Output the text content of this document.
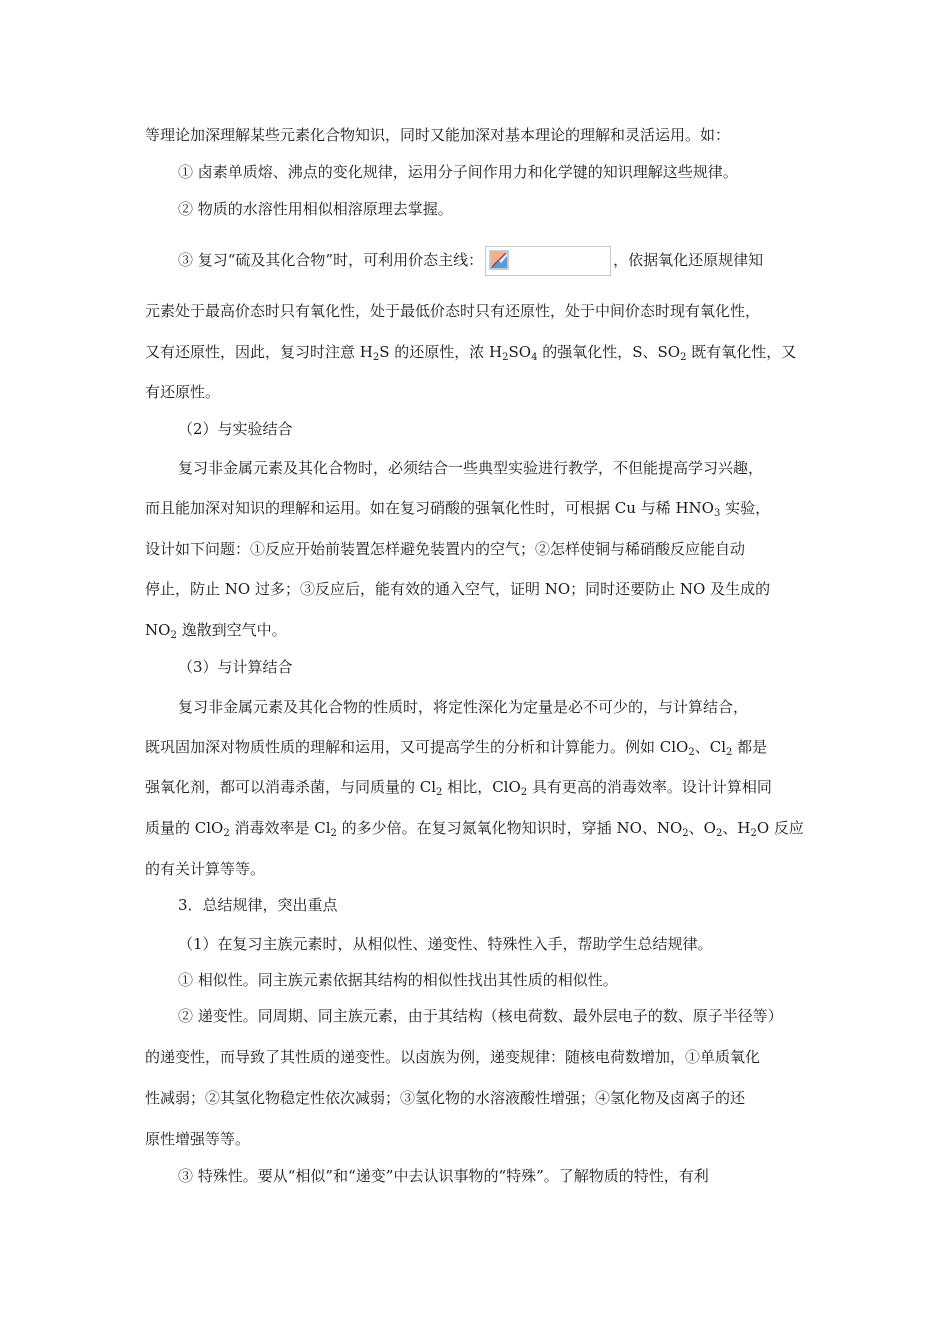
等理论加深理解某些元素化合物知识，同时又能加深对基本理论的理解和灵活运用。如：

① 卤素单质熔、沸点的变化规律，运用分子间作用力和化学键的知识理解这些规律。

② 物质的水溶性用相似相溶原理去掌握。

③ 复习“硫及其化合物”时，可利用价态主线：	，依据氧化还原规律知

元素处于最高价态时只有氧化性，处于最低价态时只有还原性，处于中间价态时现有氧化性，

又有还原性，因此，复习时注意 $H_2S$ 的还原性，浓 $H_2SO_4$ 的强氧化性，S、$SO_2$ 既有氧化性，又

有还原性。

（2）与实验结合

复习非金属元素及其化合物时，必须结合一些典型实验进行教学，不但能提高学习兴趣，

而且能加深对知识的理解和运用。如在复习硝酸的强氧化性时，可根据 Cu 与稀 $HNO_3$ 实验，

设计如下问题：①反应开始前装置怎样避免装置内的空气；②怎样使铜与稀硝酸反应能自动

停止，防止 NO 过多；③反应后，能有效的通入空气，证明 NO；同时还要防止 NO 及生成的

$NO_2$ 逸散到空气中。

（3）与计算结合

复习非金属元素及其化合物的性质时，将定性深化为定量是必不可少的，与计算结合，

既巩固加深对物质性质的理解和运用，又可提高学生的分析和计算能力。例如 ClO$_2$、$Cl_2$ 都是

强氧化剂，都可以消毒杀菌，与同质量的 $Cl_2$ 相比，ClO$_2$ 具有更高的消毒效率。设计计算相同

质量的 ClO$_2$ 消毒效率是 $Cl_2$ 的多少倍。在复习氮氧化物知识时，穿插 NO、$NO_2$、$O_2$、$H_2O$ 反应

的有关计算等等。

3．总结规律，突出重点

（1）在复习主族元素时，从相似性、递变性、特殊性入手，帮助学生总结规律。

① 相似性。同主族元素依据其结构的相似性找出其性质的相似性。

② 递变性。同周期、同主族元素，由于其结构（核电荷数、最外层电子的数、原子半径等）

的递变性，而导致了其性质的递变性。以卤族为例，递变规律：随核电荷数增加，①单质氧化

性减弱；②其氢化物稳定性依次减弱；③氢化物的水溶液酸性增强；④氢化物及卤离子的还

原性增强等等。

③ 特殊性。要从“相似”和“递变”中去认识事物的“特殊”。了解物质的特性，有利
